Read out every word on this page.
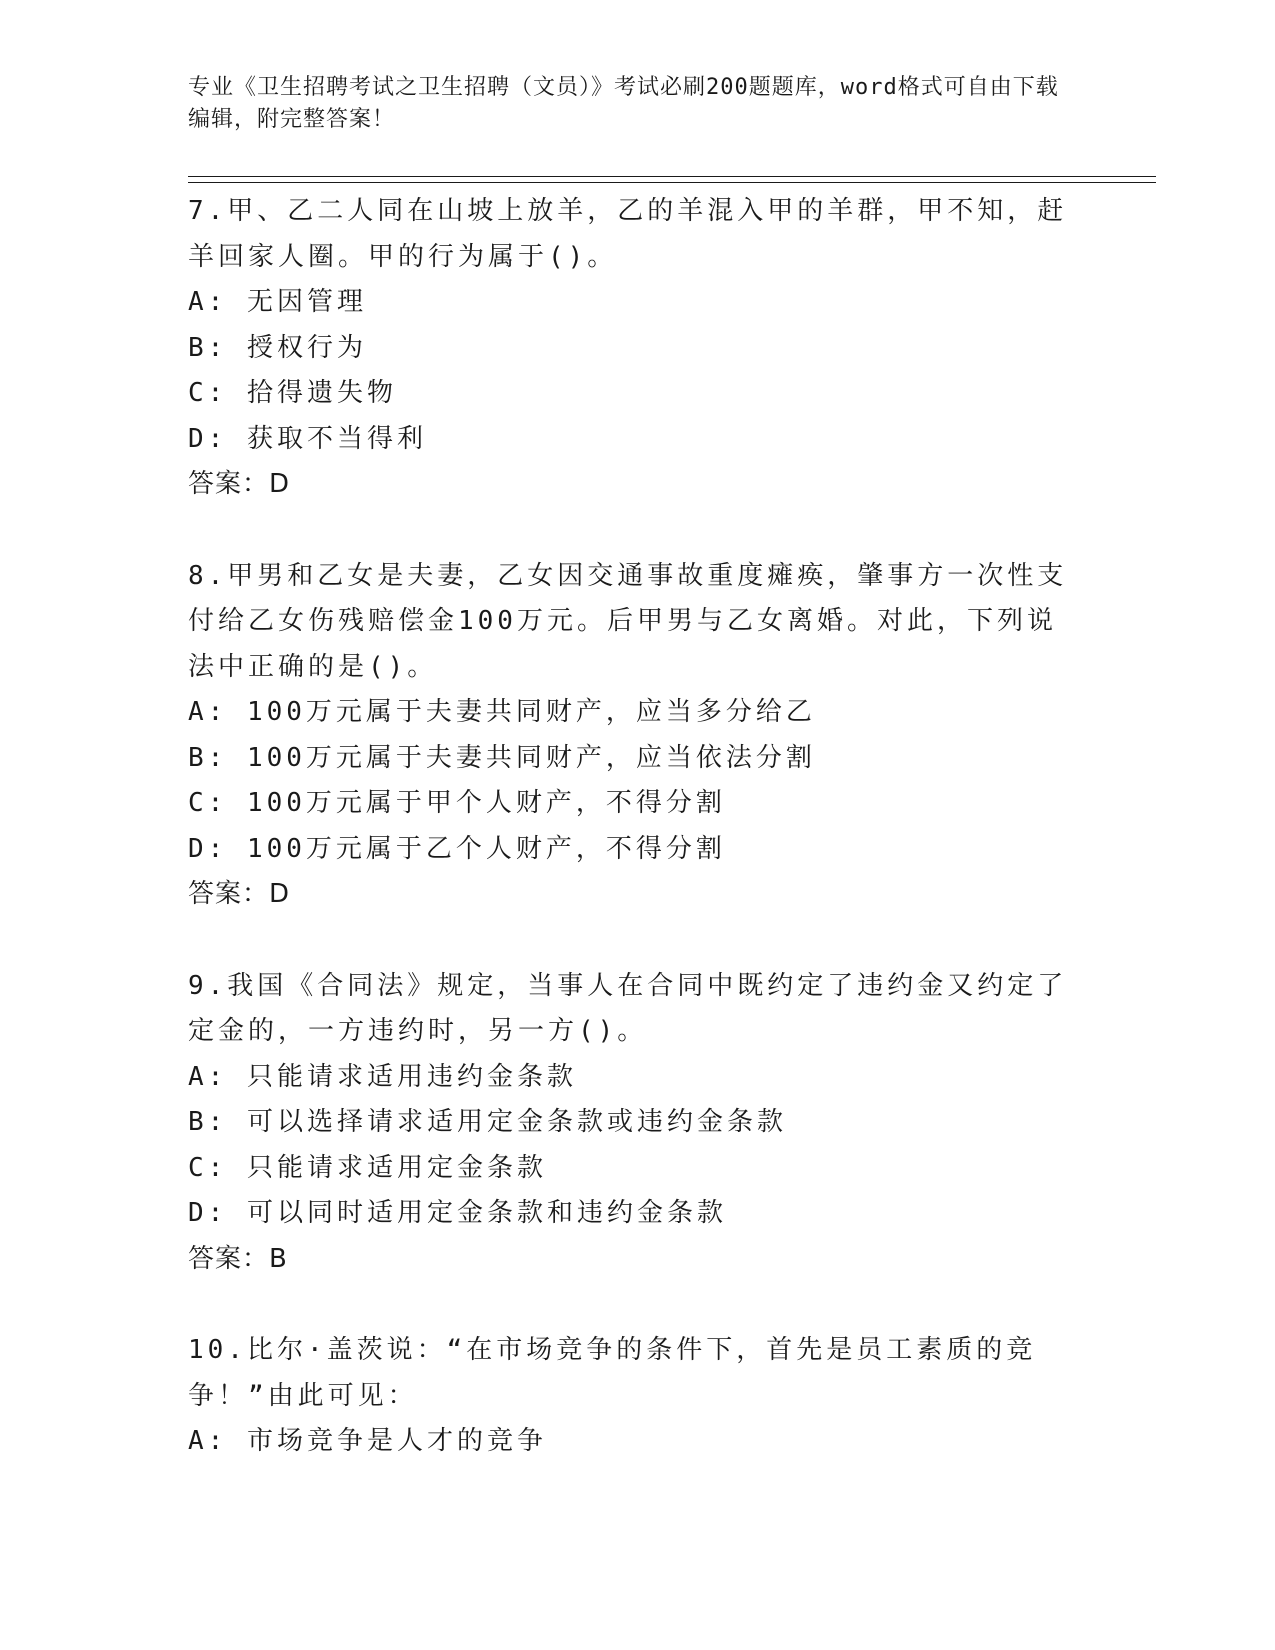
专业《卫生招聘考试之卫生招聘（文员）》考试必刷200题题库，word格式可自由下载编辑，附完整答案！

7.甲、乙二人同在山坡上放羊，乙的羊混入甲的羊群，甲不知，赶羊回家人圈。甲的行为属于()。

A: 无因管理

B: 授权行为

C: 拾得遗失物

D: 获取不当得利

答案：D

8.甲男和乙女是夫妻，乙女因交通事故重度瘫痪，肇事方一次性支付给乙女伤残赔偿金100万元。后甲男与乙女离婚。对此，下列说法中正确的是()。

A: 100万元属于夫妻共同财产，应当多分给乙

B: 100万元属于夫妻共同财产，应当依法分割

C: 100万元属于甲个人财产，不得分割

D: 100万元属于乙个人财产，不得分割

答案：D

9.我国《合同法》规定，当事人在合同中既约定了违约金又约定了定金的，一方违约时，另一方()。

A: 只能请求适用违约金条款

B: 可以选择请求适用定金条款或违约金条款

C: 只能请求适用定金条款

D: 可以同时适用定金条款和违约金条款

答案：B

10.比尔·盖茨说：“在市场竞争的条件下，首先是员工素质的竞争！”由此可见：

A: 市场竞争是人才的竞争
